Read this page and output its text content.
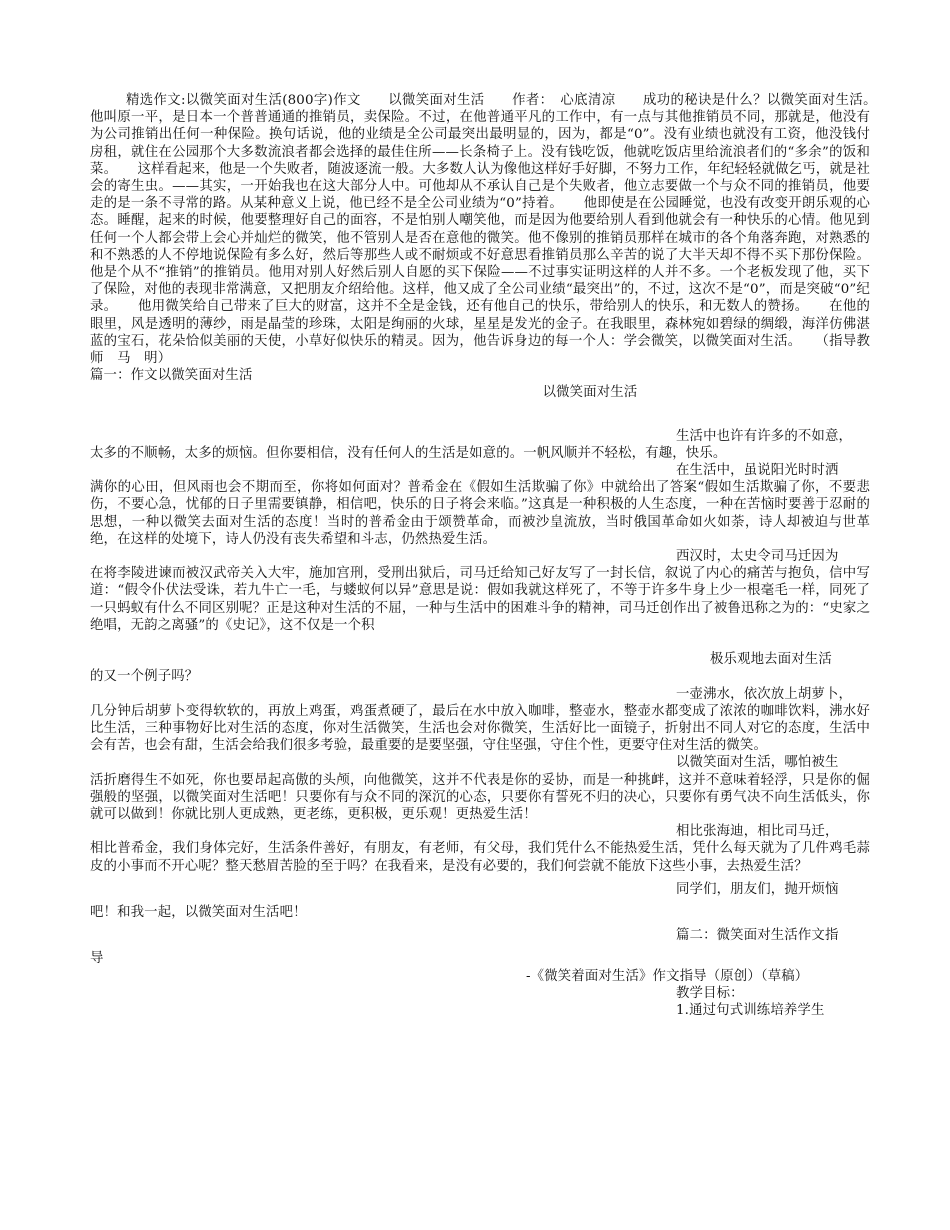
精选作文:以微笑面对生活(800字)作文　　以微笑面对生活　　作者：　心底清凉　　成功的秘诀是什么？以微笑面对生活。　　他叫原一平，是日本一个普普通通的推销员，卖保险。不过，在他普通平凡的工作中，有一点与其他推销员不同，那就是，他没有为公司推销出任何一种保险。换句话说，他的业绩是全公司最突出最明显的，因为，都是“0”。没有业绩也就没有工资，他没钱付房租，就住在公园那个大多数流浪者都会选择的最佳住所——长条椅子上。没有钱吃饭，他就吃饭店里给流浪者们的“多余”的饭和菜。　　这样看起来，他是一个失败者，随波逐流一般。大多数人认为像他这样好手好脚，不努力工作，年纪轻轻就做乞丐，就是社会的寄生虫。——其实，一开始我也在这大部分人中。可他却从不承认自己是个失败者，他立志要做一个与众不同的推销员，他要走的是一条不寻常的路。从某种意义上说，他已经不是全公司业绩为“0”持着。　　他即使是在公园睡觉，也没有改变开朗乐观的心态。睡醒，起来的时候，他要整理好自己的面容，不是怕别人嘲笑他，而是因为他要给别人看到他就会有一种快乐的心情。他见到任何一个人都会带上会心并灿烂的微笑，他不管别人是否在意他的微笑。他不像别的推销员那样在城市的各个角落奔跑，对熟悉的和不熟悉的人不停地说保险有多么好，然后等那些人或不耐烦或不好意思看推销员那么辛苦的说了大半天却不得不买下那份保险。他是个从不“推销”的推销员。他用对别人好然后别人自愿的买下保险——不过事实证明这样的人并不多。一个老板发现了他，买下了保险，对他的表现非常满意，又把朋友介绍给他。这样，他又成了全公司业绩“最突出”的，不过，这次不是“0”，而是突破“0”纪录。　　他用微笑给自己带来了巨大的财富，这并不全是金钱，还有他自己的快乐，带给别人的快乐，和无数人的赞扬。　　在他的眼里，风是透明的薄纱，雨是晶莹的珍珠，太阳是绚丽的火球，星星是发光的金子。在我眼里，森林宛如碧绿的绸缎，海洋仿佛湛蓝的宝石，花朵恰似美丽的天使，小草好似快乐的精灵。因为，他告诉身边的每一个人：学会微笑，以微笑面对生活。　　（指导教师　马　明）

篇一：作文以微笑面对生活

以微笑面对生活

生活中也许有许多的不如意，

太多的不顺畅，太多的烦恼。但你要相信，没有任何人的生活是如意的。一帆风顺并不轻松，有趣，快乐。

在生活中，虽说阳光时时洒

满你的心田，但风雨也会不期而至，你将如何面对？普希金在《假如生活欺骗了你》中就给出了答案“假如生活欺骗了你，不要悲伤，不要心急，忧郁的日子里需要镇静，相信吧，快乐的日子将会来临。”这真是一种积极的人生态度，一种在苦恼时要善于忍耐的思想，一种以微笑去面对生活的态度！当时的普希金由于颂赞革命，而被沙皇流放，当时俄国革命如火如荼，诗人却被迫与世革绝，在这样的处境下，诗人仍没有丧失希望和斗志，仍然热爱生活。

西汉时，太史令司马迁因为

在将李陵进谏而被汉武帝关入大牢，施加宫刑，受刑出狱后，司马迁给知己好友写了一封长信，叙说了内心的痛苦与抱负，信中写道：“假令仆伏法受诛，若九牛亡一毛，与蝼蚁何以异”意思是说：假如我就这样死了，不等于许多牛身上少一根毫毛一样，同死了一只蚂蚁有什么不同区别呢？正是这种对生活的不屈，一种与生活中的困难斗争的精神，司马迁创作出了被鲁迅称之为的：“史家之绝唱，无韵之离骚”的《史记》，这不仅是一个积

极乐观地去面对生活

的又一个例子吗？

一壶沸水，依次放上胡萝卜，

几分钟后胡萝卜变得软软的，再放上鸡蛋，鸡蛋煮硬了，最后在水中放入咖啡，整壶水，整壶水都变成了浓浓的咖啡饮料，沸水好比生活，三种事物好比对生活的态度，你对生活微笑，生活也会对你微笑，生活好比一面镜子，折射出不同人对它的态度，生活中会有苦，也会有甜，生活会给我们很多考验，最重要的是要坚强，守住坚强，守住个性，更要守住对生活的微笑。

以微笑面对生活，哪怕被生

活折磨得生不如死，你也要昂起高傲的头颅，向他微笑，这并不代表是你的妥协，而是一种挑衅，这并不意味着轻浮，只是你的倔强般的坚强，以微笑面对生活吧！只要你有与众不同的深沉的心态，只要你有誓死不归的决心，只要你有勇气决不向生活低头，你就可以做到！你就比别人更成熟，更老练，更积极，更乐观！更热爱生活！

相比张海迪，相比司马迁，

相比普希金，我们身体完好，生活条件善好，有朋友，有老师，有父母，我们凭什么不能热爱生活，凭什么每天就为了几件鸡毛蒜皮的小事而不开心呢？整天愁眉苦脸的至于吗？在我看来，是没有必要的，我们何尝就不能放下这些小事，去热爱生活？

同学们，朋友们，抛开烦恼

吧！和我一起，以微笑面对生活吧！

篇二：微笑面对生活作文指

导

-《微笑着面对生活》作文指导（原创）（草稿）

教学目标：

1.通过句式训练培养学生
